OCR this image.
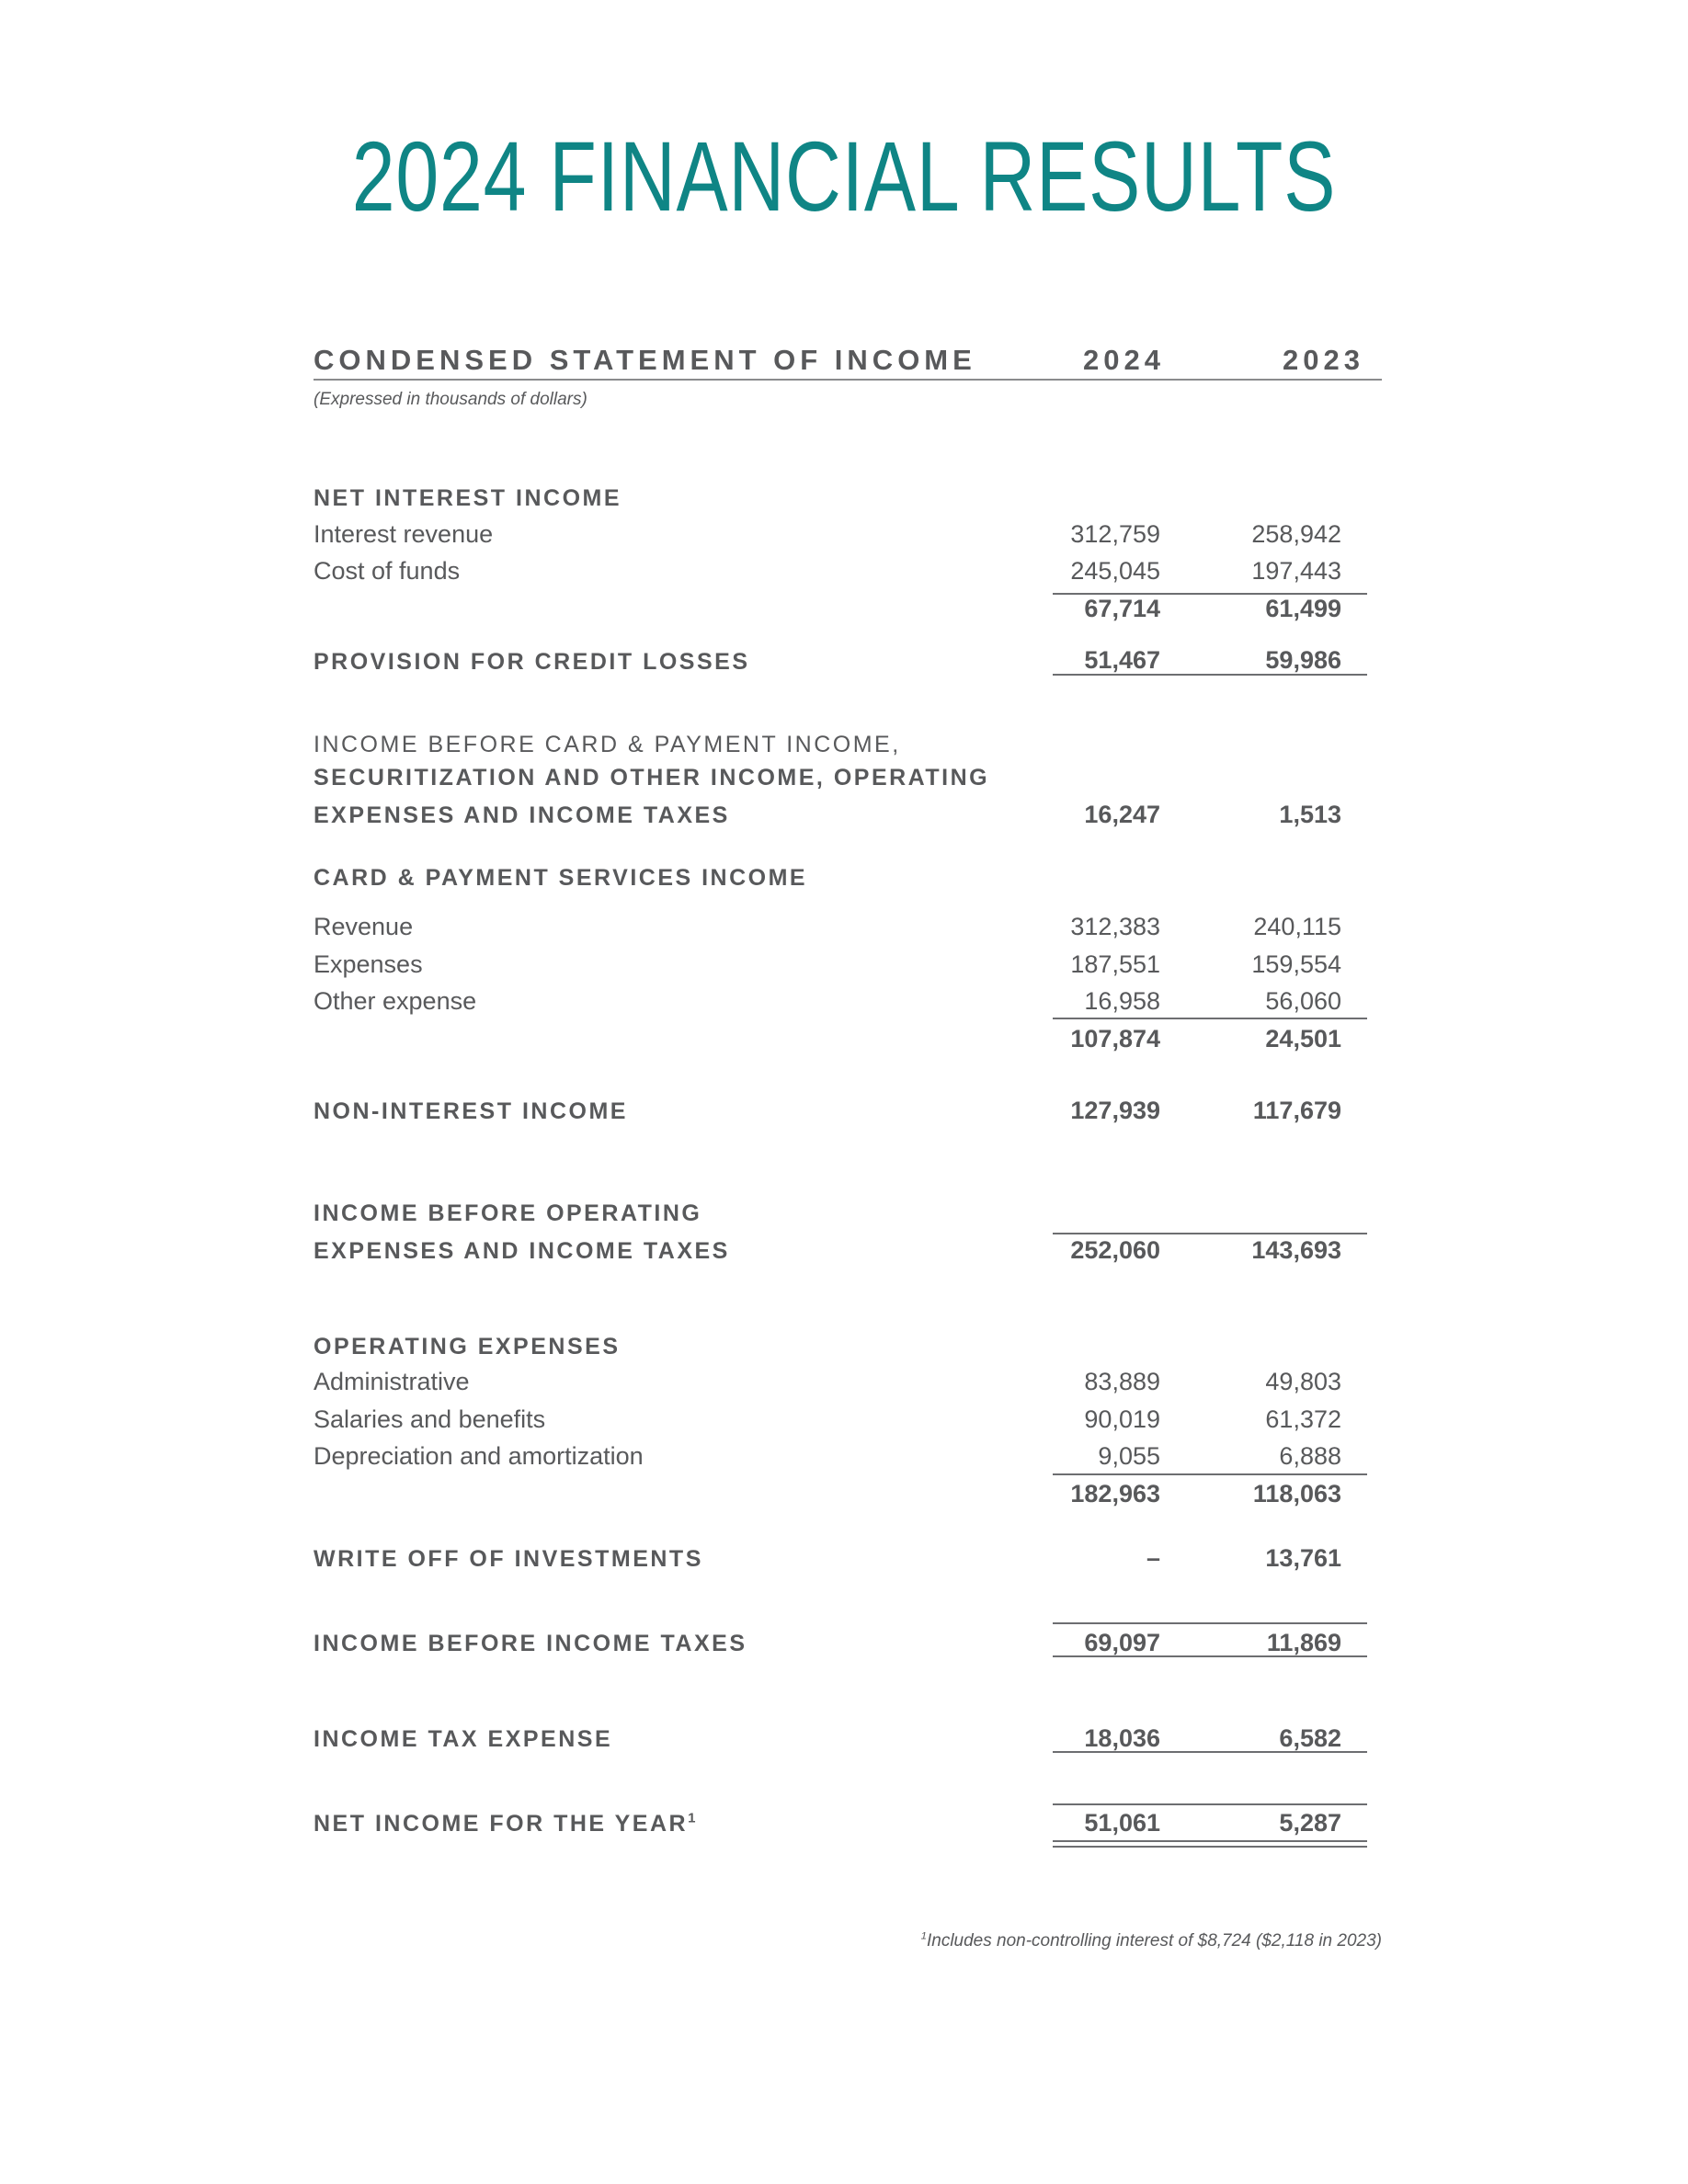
2024 FINANCIAL RESULTS
CONDENSED STATEMENT OF INCOME	2024	2023
(Expressed in thousands of dollars)
NET INTEREST INCOME
Interest revenue	312,759	258,942
Cost of funds	245,045	197,443
67,714	61,499
PROVISION FOR CREDIT LOSSES	51,467	59,986
INCOME BEFORE CARD & PAYMENT INCOME,
SECURITIZATION AND OTHER INCOME, OPERATING
EXPENSES AND INCOME TAXES	16,247	1,513
CARD & PAYMENT SERVICES INCOME
Revenue	312,383	240,115
Expenses	187,551	159,554
Other expense	16,958	56,060
107,874	24,501
NON-INTEREST INCOME	127,939	117,679
INCOME BEFORE OPERATING
EXPENSES AND INCOME TAXES	252,060	143,693
OPERATING EXPENSES
Administrative	83,889	49,803
Salaries and benefits	90,019	61,372
Depreciation and amortization	9,055	6,888
182,963	118,063
WRITE OFF OF INVESTMENTS	–	13,761
INCOME BEFORE INCOME TAXES	69,097	11,869
INCOME TAX EXPENSE	18,036	6,582
NET INCOME FOR THE YEAR$^1$	51,061	5,287
$^1$Includes non-controlling interest of $8,724 ($2,118 in 2023)
